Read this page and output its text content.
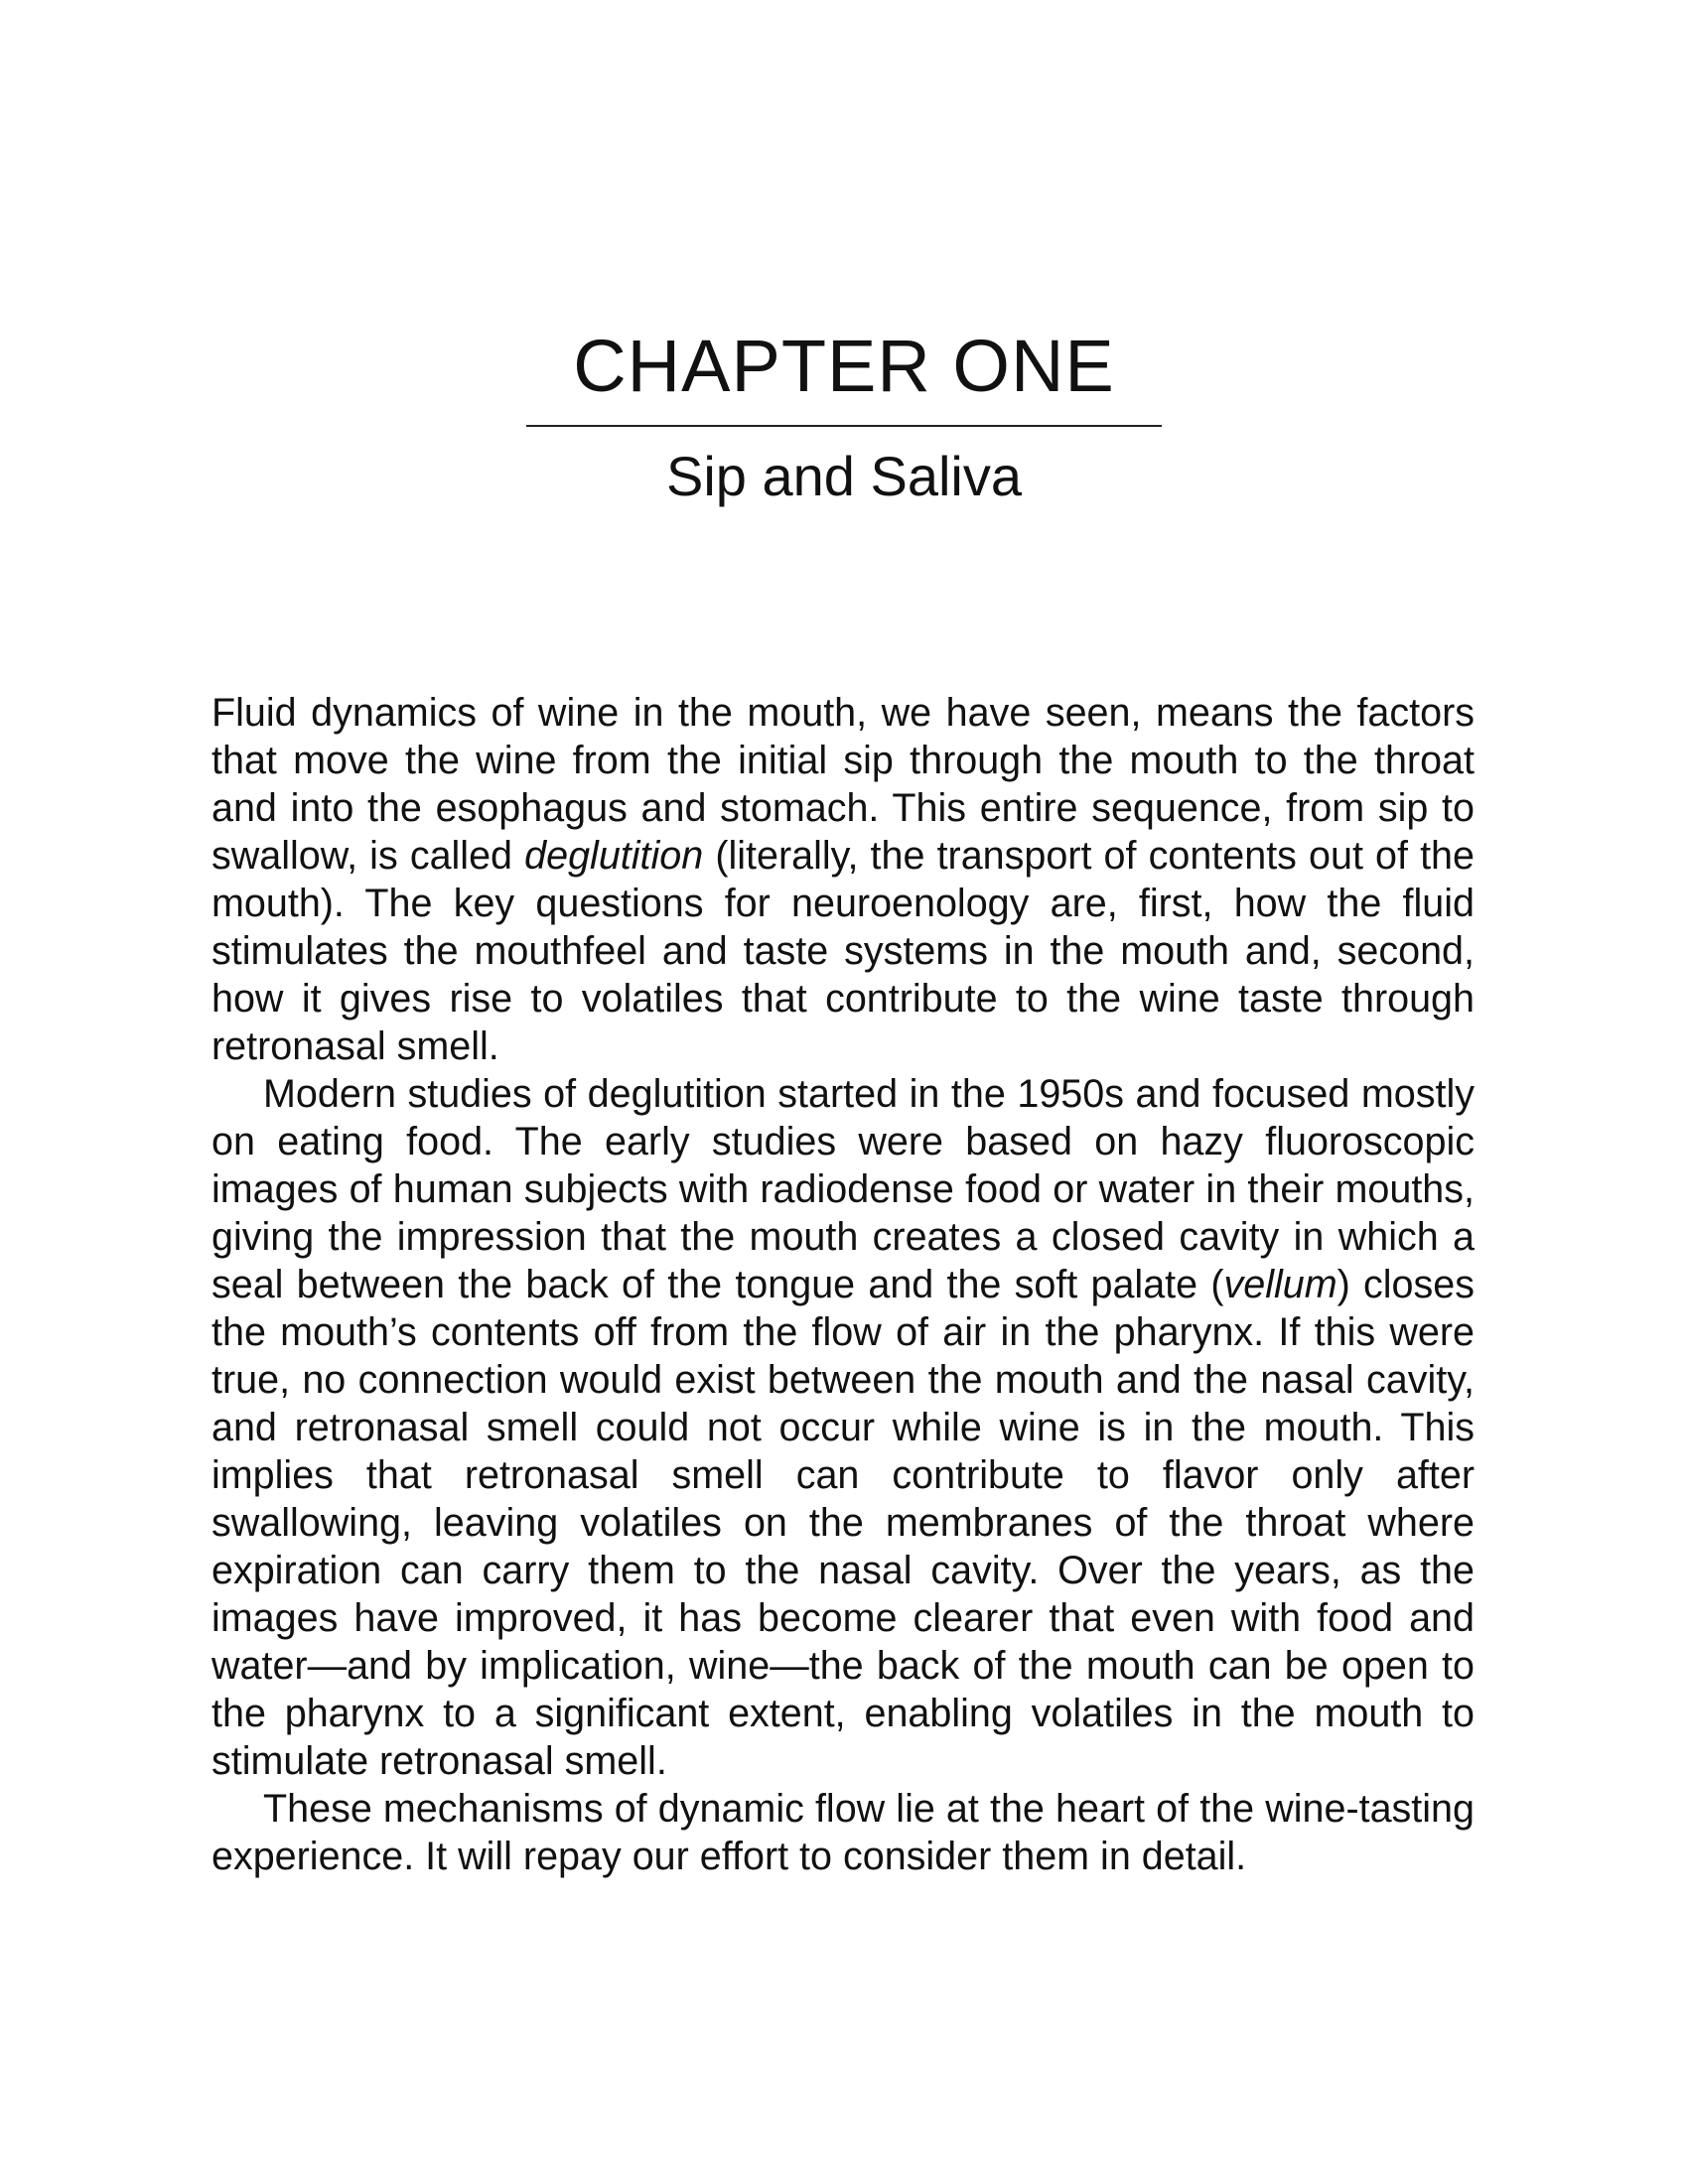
CHAPTER ONE
Sip and Saliva

Fluid dynamics of wine in the mouth, we have seen, means the factors that move the wine from the initial sip through the mouth to the throat and into the esophagus and stomach. This entire sequence, from sip to swallow, is called deglutition (literally, the transport of contents out of the mouth). The key questions for neuroenology are, first, how the fluid stimulates the mouthfeel and taste systems in the mouth and, second, how it gives rise to volatiles that contribute to the wine taste through retronasal smell.

Modern studies of deglutition started in the 1950s and focused mostly on eating food. The early studies were based on hazy fluoroscopic images of human subjects with radiodense food or water in their mouths, giving the impression that the mouth creates a closed cavity in which a seal between the back of the tongue and the soft palate (vellum) closes the mouth’s contents off from the flow of air in the pharynx. If this were true, no connection would exist between the mouth and the nasal cavity, and retronasal smell could not occur while wine is in the mouth. This implies that retronasal smell can contribute to flavor only after swallowing, leaving volatiles on the membranes of the throat where expiration can carry them to the nasal cavity. Over the years, as the images have improved, it has become clearer that even with food and water—and by implication, wine—the back of the mouth can be open to the pharynx to a significant extent, enabling volatiles in the mouth to stimulate retronasal smell.

These mechanisms of dynamic flow lie at the heart of the wine-tasting experience. It will repay our effort to consider them in detail.
